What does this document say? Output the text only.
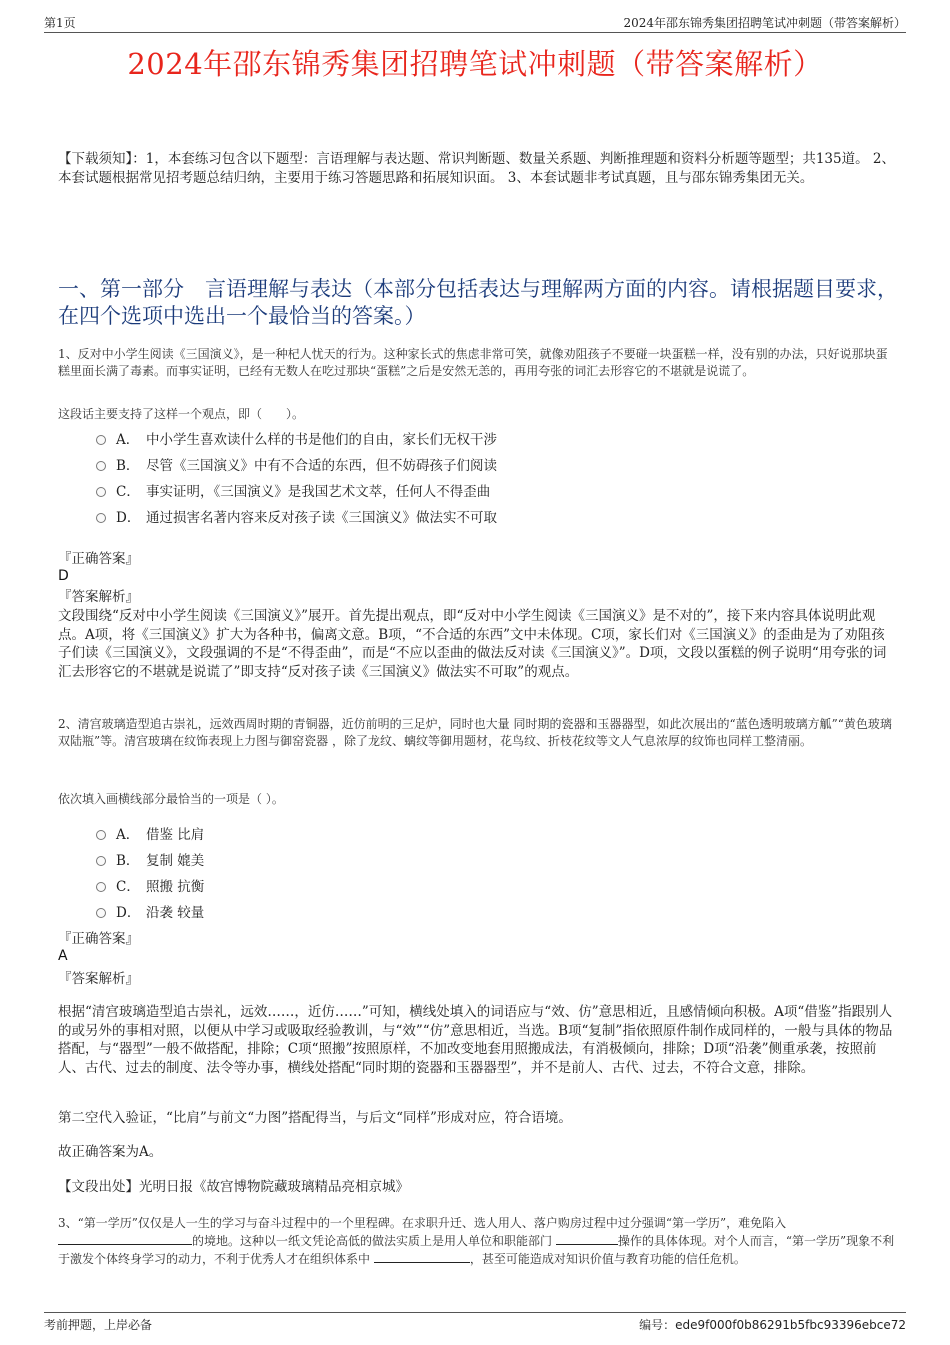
第1页	2024年邵东锦秀集团招聘笔试冲刺题（带答案解析）
2024年邵东锦秀集团招聘笔试冲刺题（带答案解析）
【下载须知】：1，本套练习包含以下题型：言语理解与表达题、常识判断题、数量关系题、判断推理题和资料分析题等题型；共135道。 2、本套试题根据常见招考题总结归纳，主要用于练习答题思路和拓展知识面。 3、本套试题非考试真题，且与邵东锦秀集团无关。
一、第一部分　言语理解与表达（本部分包括表达与理解两方面的内容。请根据题目要求，在四个选项中选出一个最恰当的答案。）
1、反对中小学生阅读《三国演义》，是一种杞人忧天的行为。这种家长式的焦虑非常可笑，就像劝阻孩子不要碰一块蛋糕一样，没有别的办法，只好说那块蛋糕里面长满了毒素。而事实证明，已经有无数人在吃过那块“蛋糕”之后是安然无恙的，再用夸张的词汇去形容它的不堪就是说谎了。
这段话主要支持了这样一个观点，即（　　）。
A． 中小学生喜欢读什么样的书是他们的自由，家长们无权干涉
B． 尽管《三国演义》中有不合适的东西，但不妨碍孩子们阅读
C． 事实证明，《三国演义》是我国艺术文萃，任何人不得歪曲
D． 通过损害名著内容来反对孩子读《三国演义》做法实不可取
『正确答案』
D
『答案解析』
文段围绕“反对中小学生阅读《三国演义》”展开。首先提出观点，即“反对中小学生阅读《三国演义》是不对的”，接下来内容具体说明此观点。A项，将《三国演义》扩大为各种书，偏离文意。B项，“不合适的东西”文中未体现。C项，家长们对《三国演义》的歪曲是为了劝阻孩子们读《三国演义》，文段强调的不是“不得歪曲”，而是“不应以歪曲的做法反对读《三国演义》”。D项，文段以蛋糕的例子说明“用夸张的词汇去形容它的不堪就是说谎了”即支持“反对孩子读《三国演义》做法实不可取”的观点。
2、清宫玻璃造型追古崇礼，远效西周时期的青铜器，近仿前明的三足炉，同时也大量 同时期的瓷器和玉器器型，如此次展出的“蓝色透明玻璃方觚”“黄色玻璃双陆瓶”等。清宫玻璃在纹饰表现上力图与御窑瓷器 ，除了龙纹、螭纹等御用题材，花鸟纹、折枝花纹等文人气息浓厚的纹饰也同样工整清丽。
依次填入画横线部分最恰当的一项是（ ）。
A． 借鉴 比肩
B． 复制 媲美
C． 照搬 抗衡
D． 沿袭 较量
『正确答案』
A
『答案解析』
根据“清宫玻璃造型追古崇礼，远效……，近仿……”可知，横线处填入的词语应与“效、仿”意思相近，且感情倾向积极。A项“借鉴”指跟别人的或另外的事相对照，以便从中学习或吸取经验教训，与“效”“仿”意思相近，当选。B项“复制”指依照原件制作成同样的，一般与具体的物品搭配，与“器型”一般不做搭配，排除；C项“照搬”按照原样，不加改变地套用照搬成法，有消极倾向，排除；D项“沿袭”侧重承袭，按照前人、古代、过去的制度、法令等办事，横线处搭配“同时期的瓷器和玉器器型”，并不是前人、古代、过去，不符合文意，排除。
第二空代入验证，“比肩”与前文“力图”搭配得当，与后文“同样”形成对应，符合语境。
故正确答案为A。
【文段出处】光明日报《故宫博物院藏玻璃精品亮相京城》
3、“第一学历”仅仅是人一生的学习与奋斗过程中的一个里程碑。在求职升迁、选人用人、落户购房过程中过分强调“第一学历”，难免陷入
的境地。这种以一纸文凭论高低的做法实质上是用人单位和职能部门	操作的具体体现。对个人而言，“第一学历”现象不利于激发个体终身学习的动力，不利于优秀人才在组织体系中	，甚至可能造成对知识价值与教育功能的信任危机。
考前押题，上岸必备	编号：ede9f000f0b86291b5fbc93396ebce72
